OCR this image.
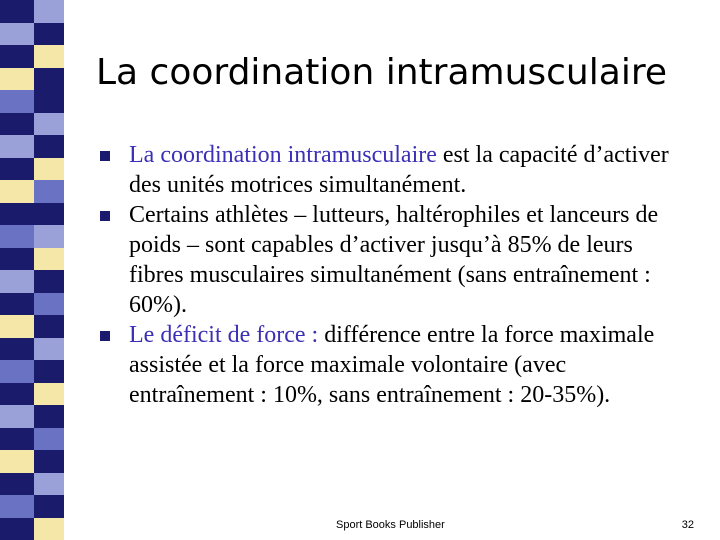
La coordination intramusculaire
La coordination intramusculaire est la capacité d’activer des unités motrices simultanément.
Certains athlètes – lutteurs, haltérophiles et lanceurs de poids – sont capables d’activer jusqu’à 85% de leurs fibres musculaires simultanément (sans entraînement : 60%).
Le déficit de force : différence entre la force maximale assistée et la force maximale volontaire (avec entraînement : 10%, sans entraînement : 20-35%).
Sport Books Publisher	32
